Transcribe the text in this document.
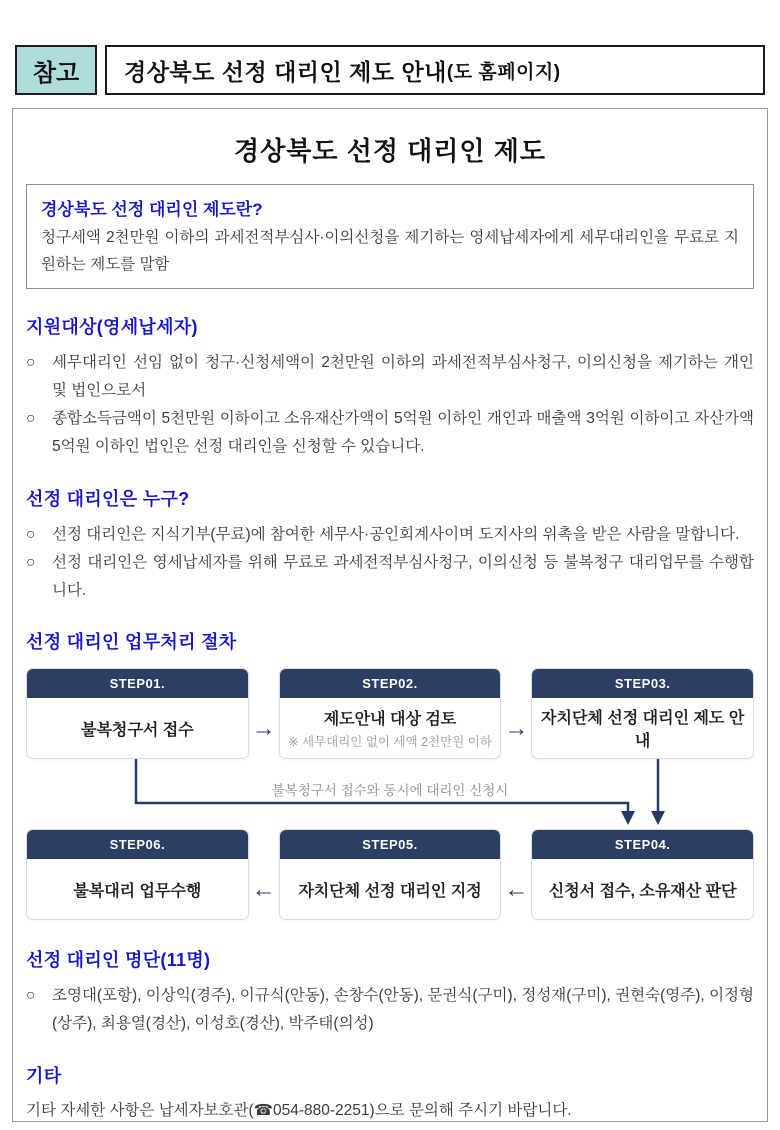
참고	경상북도 선정 대리인 제도 안내 (도 홈페이지)
경상북도 선정 대리인 제도
경상북도 선정 대리인 제도란?
청구세액 2천만원 이하의 과세전적부심사·이의신청을 제기하는 영세납세자에게 세무대리인을 무료로 지원하는 제도를 말함
지원대상(영세납세자)
○	세무대리인 선임 없이 청구·신청세액이 2천만원 이하의 과세전적부심사청구, 이의신청을 제기하는 개인 및 법인으로서
○	종합소득금액이 5천만원 이하이고 소유재산가액이 5억원 이하인 개인과 매출액 3억원 이하이고 자산가액 5억원 이하인 법인은 선정 대리인을 신청할 수 있습니다.
선정 대리인은 누구?
○	선정 대리인은 지식기부(무료)에 참여한 세무사·공인회계사이며 도지사의 위촉을 받은 사람을 말합니다.
○	선정 대리인은 영세납세자를 위해 무료로 과세전적부심사청구, 이의신청 등 불복청구 대리업무를 수행합니다.
선정 대리인 업무처리 절차
STEP01.
불복청구서 접수 →
STEP02.
제도안내 대상 검토
※ 세무대리인 없이 세액 2천만원 이하
→
STEP03.
자치단체 선정 대리인 제도 안내
불복청구서 접수와 동시에 대리인 신청시
STEP06.
불복대리 업무수행 ←
STEP05.
자치단체 선정 대리인 지정 ←
STEP04.
신청서 접수, 소유재산 판단
선정 대리인 명단(11명)
○	조영대(포항), 이상익(경주), 이규식(안동), 손창수(안동), 문권식(구미), 정성재(구미), 권현숙(영주), 이정형(상주), 최용열(경산), 이성호(경산), 박주태(의성)
기타
기타 자세한 사항은 납세자보호관(☎054-880-2251)으로 문의해 주시기 바랍니다.
